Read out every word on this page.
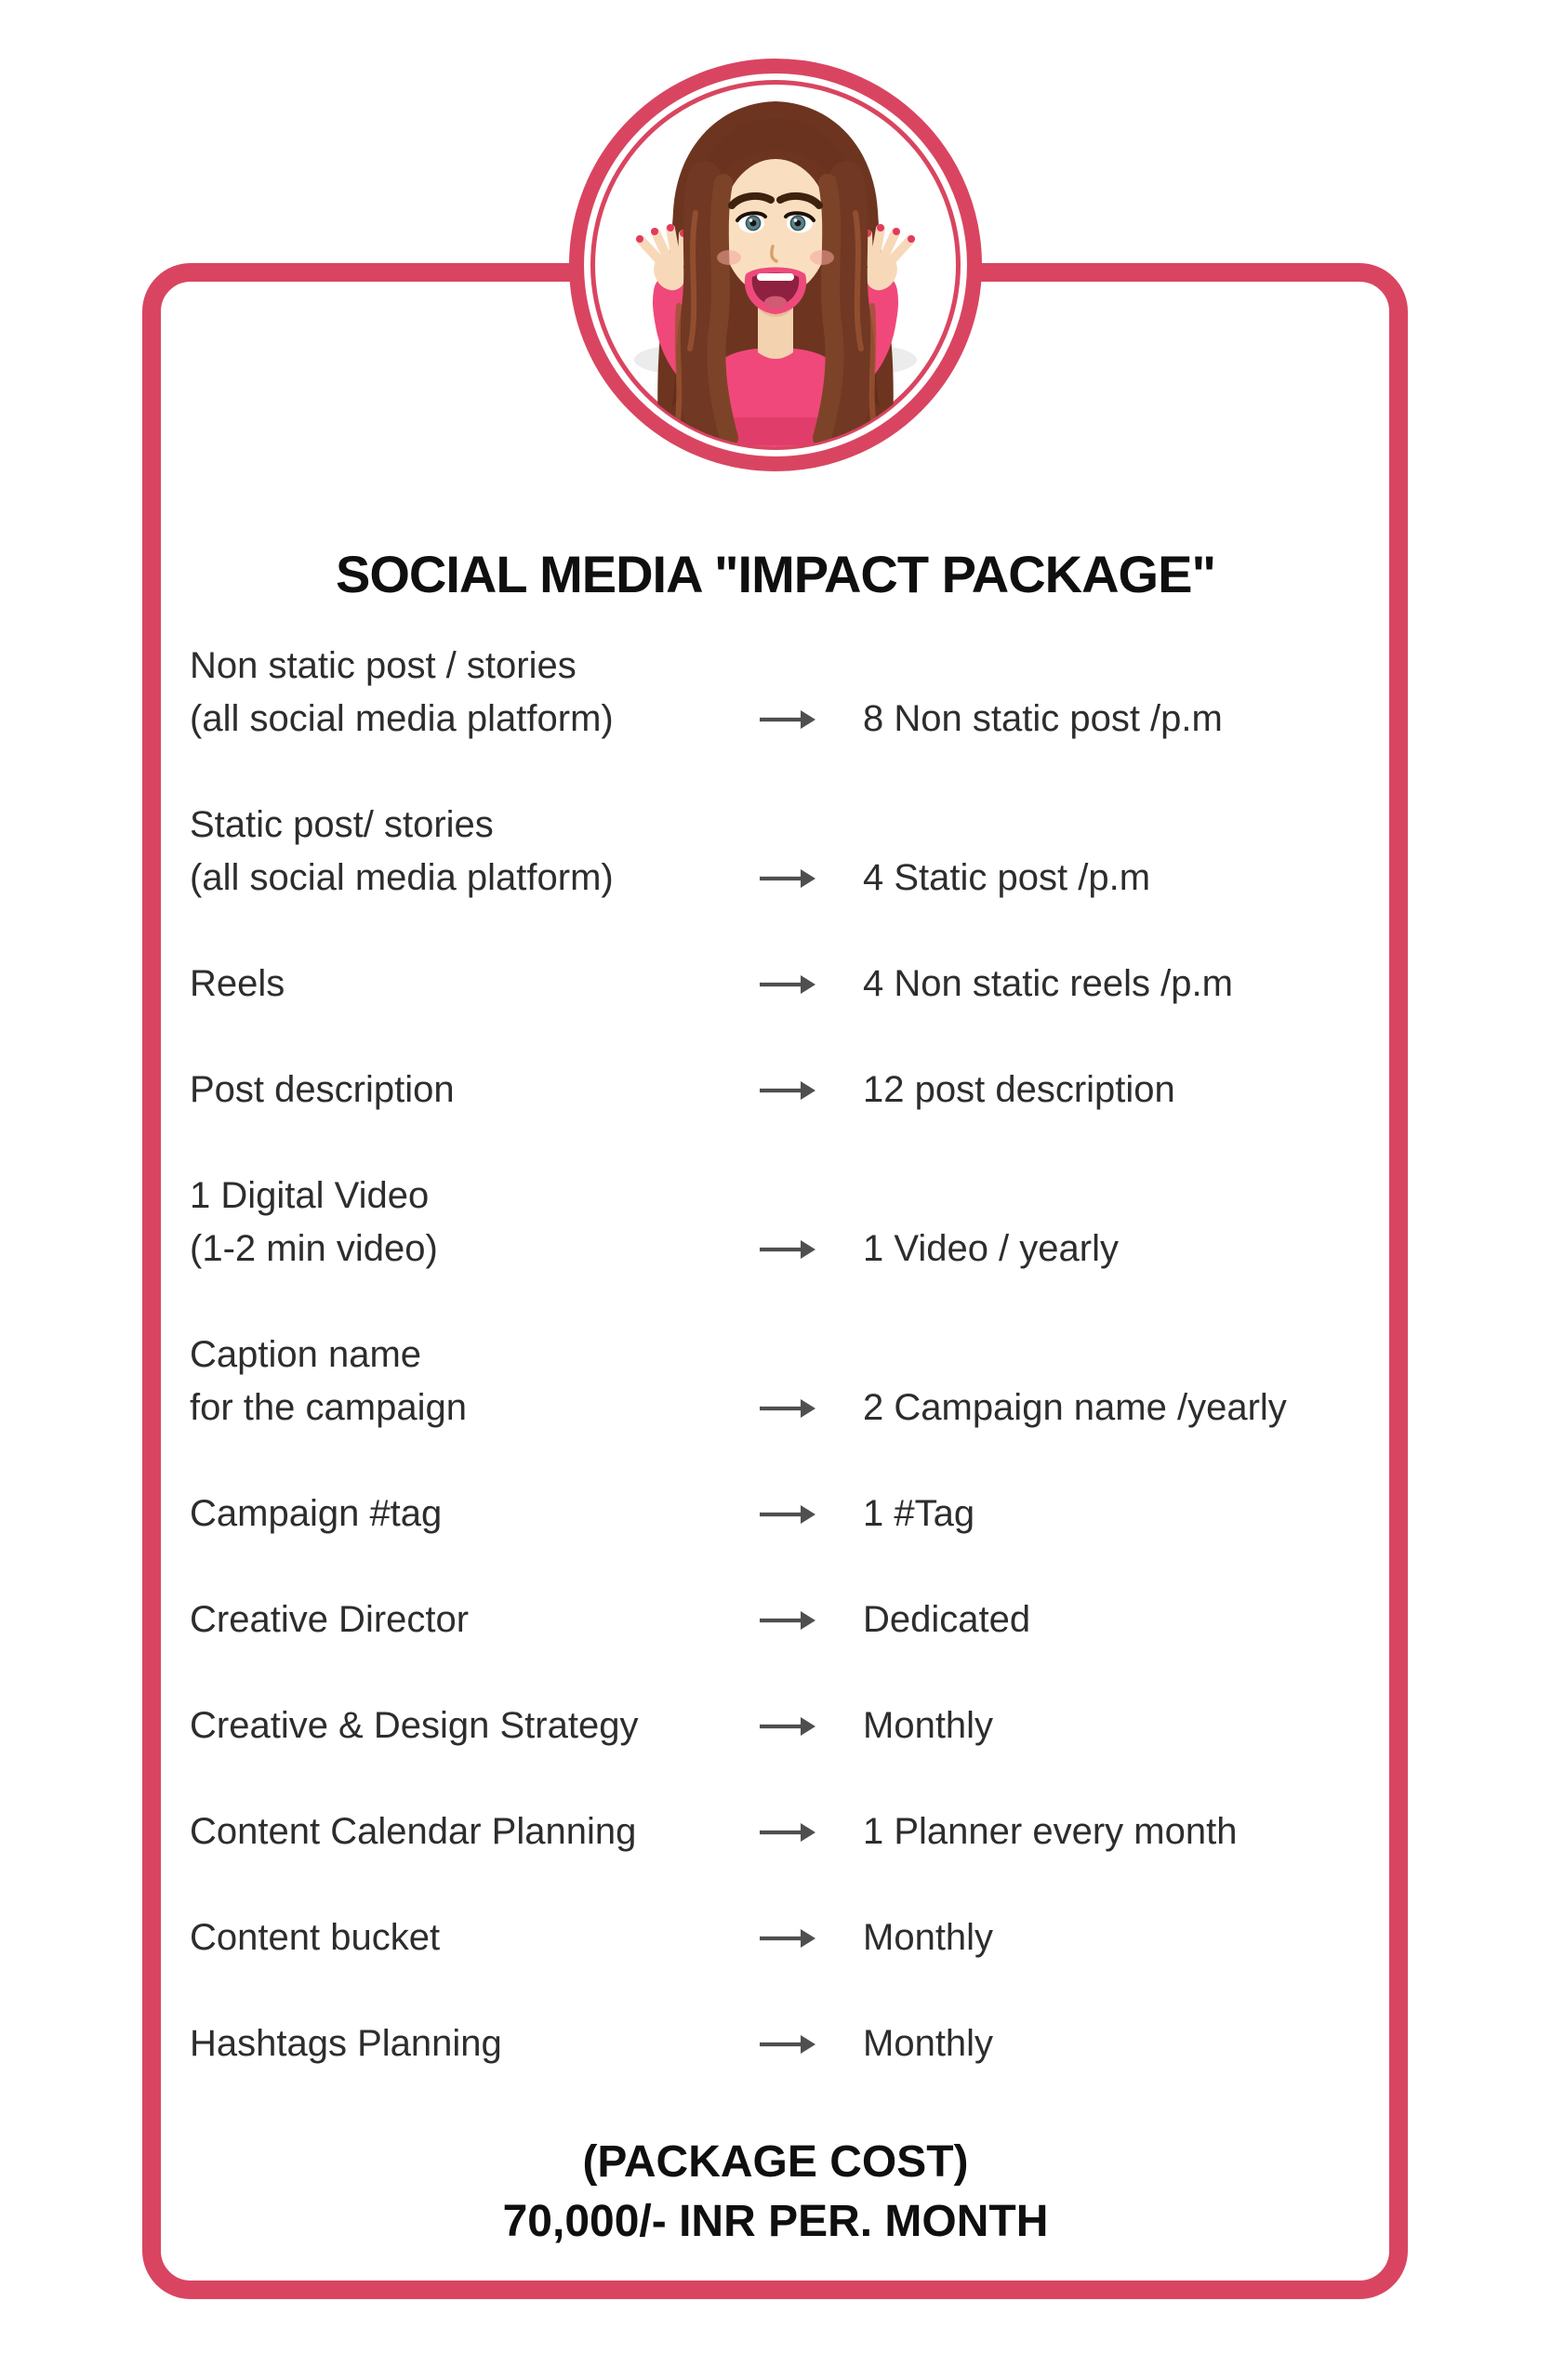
SOCIAL MEDIA "IMPACT PACKAGE"
Non static post / stories
(all social media platform)	8 Non static post /p.m
Static post/ stories
(all social media platform)	4 Static post /p.m
Reels	4 Non static reels /p.m
Post description	12 post description
1 Digital Video
(1-2 min video)	1 Video / yearly
Caption name
for the campaign	2 Campaign name /yearly
Campaign #tag	1 #Tag
Creative Director	Dedicated
Creative & Design Strategy	Monthly
Content Calendar Planning	1 Planner every month
Content bucket	Monthly
Hashtags Planning	Monthly
(PACKAGE COST)
70,000/- INR PER. MONTH
